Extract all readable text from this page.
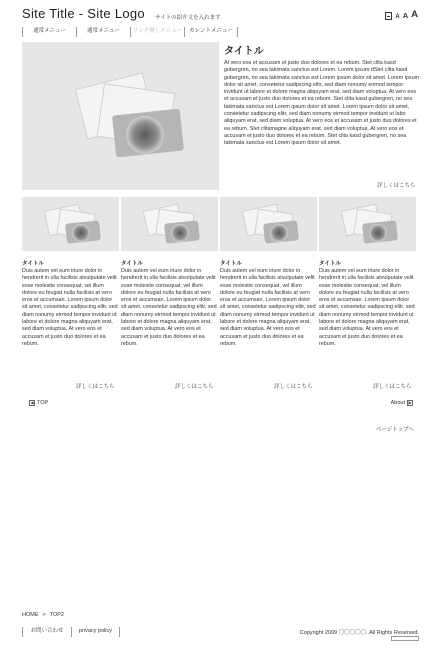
Site Title - Site Logo サイトの紹介文を入れます	A A A
通常メニュー	通常メニュー	リンク無しメニュー	カレントメニュー
タイトル
At vero eos et accusam et justo duo dolores et ea rebum. Stet clita kasd gubergren, no sea takimata sanctus est Lorem. Lorem ipsum dStet clita kasd gubergren, no sea takimata sanctus est Lorem ipsum dolor sit amet. Lorem ipsum dolor sit amet, consetetur sadipscing elitr, sed diam nonumy eirmod tempor invidunt ut labore et dolore magna aliquyam erat, sed diam voluptua. At vero eos et accusam et justo duo dolores et ea rebum. Stet clita kasd gubergren, no sea takimata sanctus est Lorem ipsum dolor sit amet. Lorem ipsum dolor sit amet, consetetur sadipscing elitr, sed diam nonumy eirmod tempor invidunt ut labo aliquyam erat, sed diam voluptua. At vero eos et accusam et justo duo dolores et ea rebum. Stet clitamagne aliquyam erat, sed diam voluptua. At vero eos et accusam et justo duo dolores et ea rebum. Stet clita kasd gubergren, no sea takimata sanctus est Lorem ipsum dolor sit amet.
詳しくはこちら
タイトル
Duis autem vel eum iriure dolor in hendrerit in ulla facilisis atvulputate velit esse molestie consequat, vel illum dolore eu feugiat nulla facilisis at vero eros et accumsan. Lorem ipsum dolor sit amet, consetetur sadipscing elitr, sed diam nonumy eirmod tempor invidunt ut labore et dolore magna aliquyam erat, sed diam voluptua. At vero eos et accusam et justo duo dolores et ea rebum.
タイトル
Duis autem vel eum iriure dolor in hendrerit in ulla facilisis atvulputate velit esse molestie consequat, vel illum dolore eu feugiat nulla facilisis at vero eros et accumsan. Lorem ipsum dolor sit amet, consetetur sadipscing elitr, sed diam nonumy eirmod tempor invidunt ut labore et dolore magna aliquyam erat, sed diam voluptua. At vero eos et accusam et justo duo dolores et ea rebum.
タイトル
Duis autem vel eum iriure dolor in hendrerit in ulla facilisis atvulputate velit esse molestie consequat, vel illum dolore eu feugiat nulla facilisis at vero eros et accumsan. Lorem ipsum dolor sit amet, consetetur sadipscing elitr, sed diam nonumy eirmod tempor invidunt ut labore et dolore magna aliquyam erat, sed diam voluptua. At vero eos et accusam et justo duo dolores et ea rebum.
タイトル
Duis autem vel eum iriure dolor in hendrerit in ulla facilisis atvulputate velit esse molestie consequat, vel illum dolore eu feugiat nulla facilisis at vero eros et accumsan. Lorem ipsum dolor sit amet, consetetur sadipscing elitr, sed diam nonumy eirmod tempor invidunt ut labore et dolore magna aliquyam erat, sed diam voluptua. At vero eos et accusam et justo duo dolores et ea rebum.
詳しくはこちら	詳しくはこちら	詳しくはこちら	詳しくはこちら
◀ TOP	About ▶
ページトップへ
HOME > TOP2
お問い合わせ	privacy policy	Copyright 2009 〇〇〇〇〇. All Rights Reserved.
